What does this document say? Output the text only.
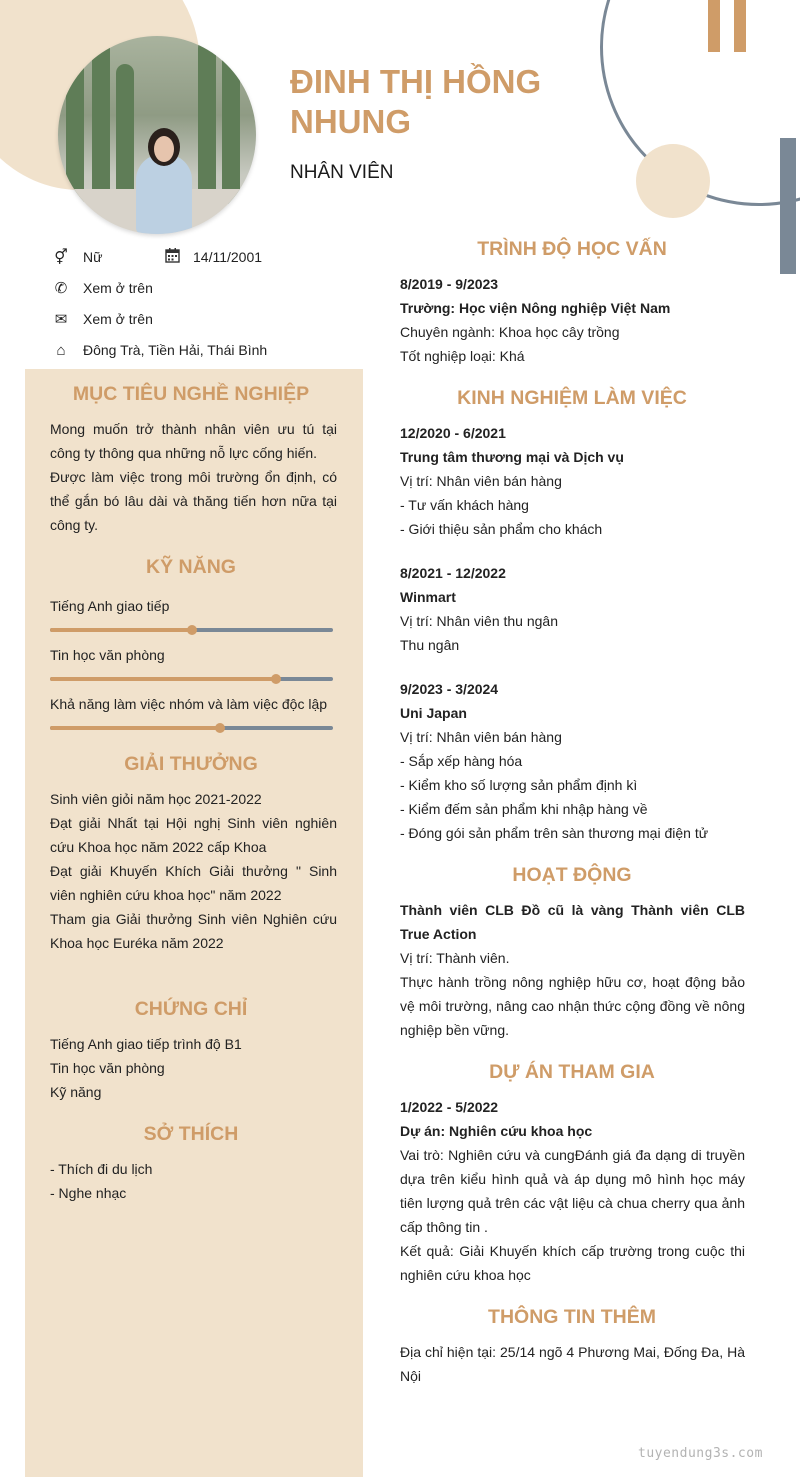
ĐINH THỊ HỒNG NHUNG
NHÂN VIÊN
⚥ Nữ	14/11/2001
✆ Xem ở trên
✉ Xem ở trên
⌂	Đông Trà, Tiền Hải, Thái Bình
MỤC TIÊU NGHỀ NGHIỆP
Mong muốn trở thành nhân viên ưu tú tại công ty thông qua những nỗ lực cống hiến.
Được làm việc trong môi trường ổn định, có thể gắn bó lâu dài và thăng tiến hơn nữa tại công ty.
KỸ NĂNG
Tiếng Anh giao tiếp
Tin học văn phòng
Khả năng làm việc nhóm và làm việc độc lập
GIẢI THƯỞNG
Sinh viên giỏi năm học 2021-2022
Đạt giải Nhất tại Hội nghị Sinh viên nghiên cứu Khoa học năm 2022 cấp Khoa
Đạt giải Khuyến Khích Giải thưởng " Sinh viên nghiên cứu khoa học" năm 2022
Tham gia Giải thưởng Sinh viên Nghiên cứu Khoa học Euréka năm 2022
CHỨNG CHỈ
Tiếng Anh giao tiếp trình độ B1
Tin học văn phòng
Kỹ năng
SỞ THÍCH
- Thích đi du lịch
- Nghe nhạc
TRÌNH ĐỘ HỌC VẤN
8/2019 - 9/2023
Trường: Học viện Nông nghiệp Việt Nam
Chuyên ngành: Khoa học cây trồng
Tốt nghiệp loại: Khá
KINH NGHIỆM LÀM VIỆC
12/2020 - 6/2021
Trung tâm thương mại và Dịch vụ
Vị trí: Nhân viên bán hàng
- Tư vấn khách hàng
- Giới thiệu sản phẩm cho khách
8/2021 - 12/2022
Winmart
Vị trí: Nhân viên thu ngân
Thu ngân
9/2023 - 3/2024
Uni Japan
Vị trí: Nhân viên bán hàng
- Sắp xếp hàng hóa
- Kiểm kho số lượng sản phẩm định kì
- Kiểm đếm sản phẩm khi nhập hàng về
- Đóng gói sản phẩm trên sàn thương mại điện tử
HOẠT ĐỘNG
Thành viên CLB Đồ cũ là vàng Thành viên CLB True Action
Vị trí: Thành viên.
Thực hành trồng nông nghiệp hữu cơ, hoạt động bảo vệ môi trường, nâng cao nhận thức cộng đồng về nông nghiệp bền vững.
DỰ ÁN THAM GIA
1/2022 - 5/2022
Dự án: Nghiên cứu khoa học
Vai trò: Nghiên cứu và cungĐánh giá đa dạng di truyền dựa trên kiểu hình quả và áp dụng mô hình học máy tiên lượng quả trên các vật liệu cà chua cherry qua ảnh cấp thông tin .
Kết quả: Giải Khuyến khích cấp trường trong cuộc thi nghiên cứu khoa học
THÔNG TIN THÊM
Địa chỉ hiện tại: 25/14 ngõ 4 Phương Mai, Đống Đa, Hà Nội
tuyendung3s.com
